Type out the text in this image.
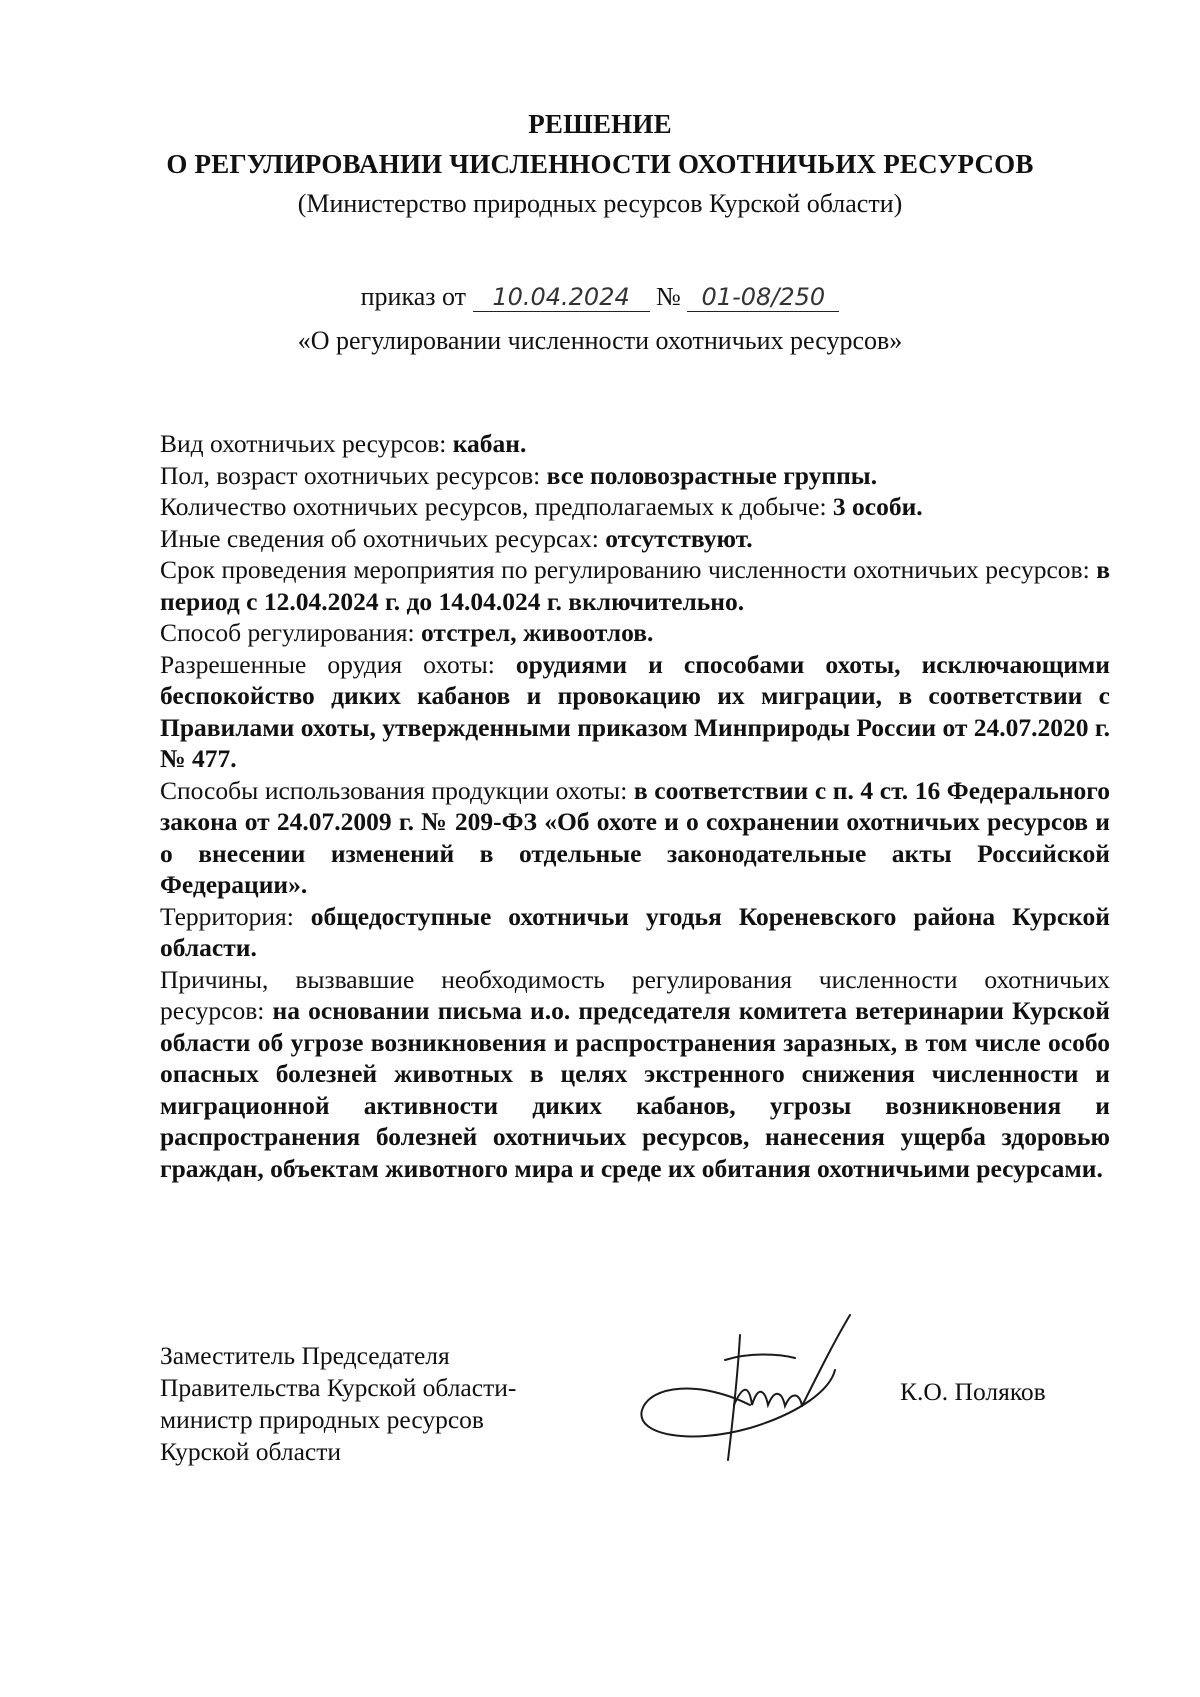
РЕШЕНИЕ
О РЕГУЛИРОВАНИИ ЧИСЛЕННОСТИ ОХОТНИЧЬИХ РЕСУРСОВ
(Министерство природных ресурсов Курской области)
приказ от 10.04.2024 № 01-08/250
«О регулировании численности охотничьих ресурсов»

Вид охотничьих ресурсов: кабан.

Пол, возраст охотничьих ресурсов: все половозрастные группы.

Количество охотничьих ресурсов, предполагаемых к добыче: 3 особи.

Иные сведения об охотничьих ресурсах: отсутствуют.

Срок проведения мероприятия по регулированию численности охотничьих ресурсов: в период с 12.04.2024 г. до 14.04.024 г. включительно.

Способ регулирования: отстрел, живоотлов.

Разрешенные орудия охоты: орудиями и способами охоты, исключающими беспокойство диких кабанов и провокацию их миграции, в соответствии с Правилами охоты, утвержденными приказом Минприроды России от 24.07.2020 г. № 477.

Способы использования продукции охоты: в соответствии с п. 4 ст. 16 Федерального закона от 24.07.2009 г. № 209-ФЗ «Об охоте и о сохранении охотничьих ресурсов и о внесении изменений в отдельные законодательные акты Российской Федерации».

Территория: общедоступные охотничьи угодья Кореневского района Курской области.

Причины, вызвавшие необходимость регулирования численности охотничьих ресурсов: на основании письма и.о. председателя комитета ветеринарии Курской области об угрозе возникновения и распространения заразных, в том числе особо опасных болезней животных в целях экстренного снижения численности и миграционной активности диких кабанов, угрозы возникновения и распространения болезней охотничьих ресурсов, нанесения ущерба здоровью граждан, объектам животного мира и среде их обитания охотничьими ресурсами.

Заместитель Председателя
Правительства Курской области-
министр природных ресурсов
Курской области
К.О. Поляков
